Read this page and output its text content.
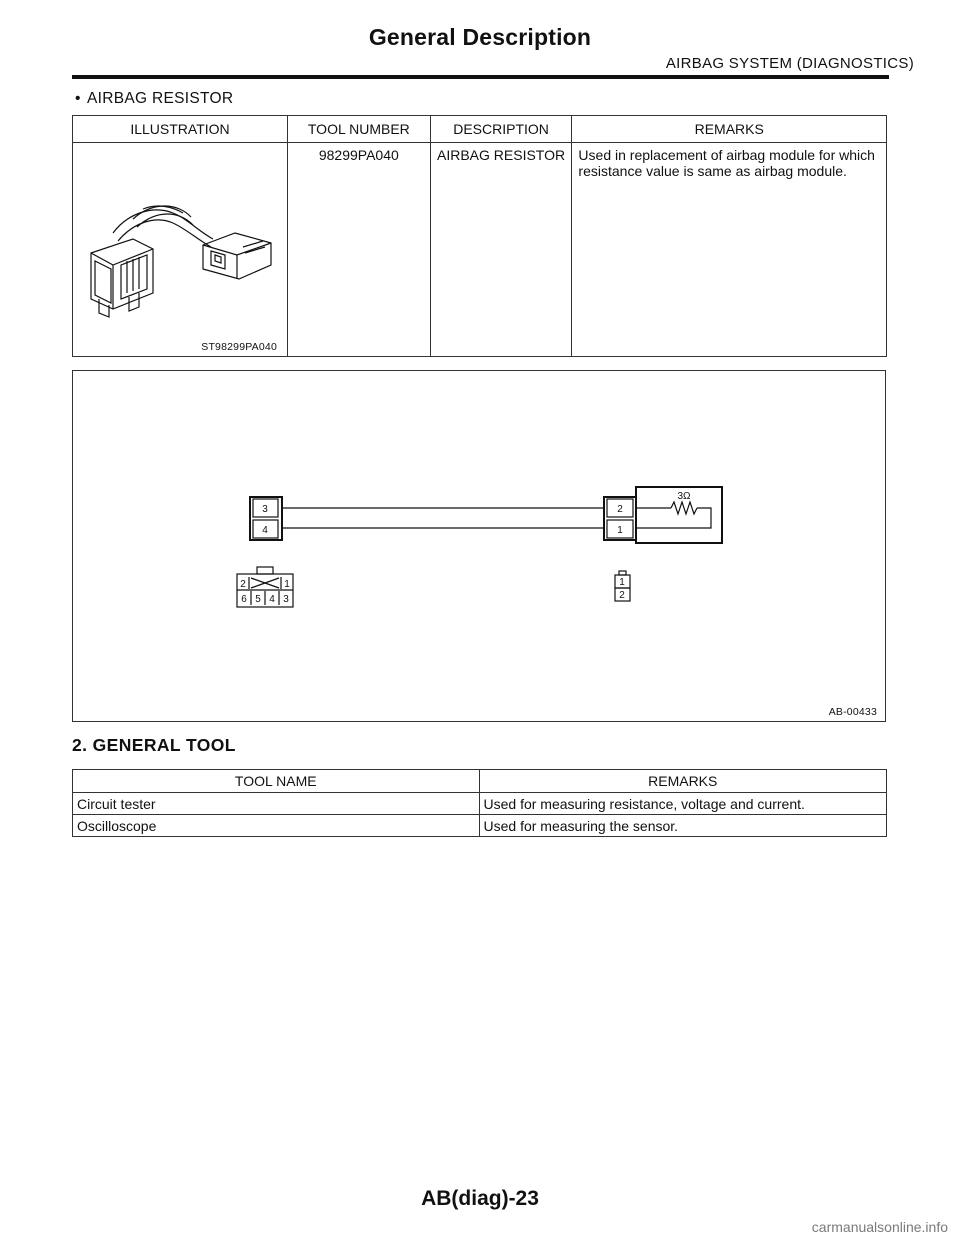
General Description
AIRBAG SYSTEM (DIAGNOSTICS)
• AIRBAG RESISTOR
ILLUSTRATION	TOOL NUMBER	DESCRIPTION	REMARKS

ST98299PA040	98299PA040	AIRBAG RESISTOR	Used in replacement of airbag module for which resistance value is same as airbag module.
3
4
2
1
3Ω
2	1
6 5 4 3
1
2
AB-00433
2. GENERAL TOOL
TOOL NAME	REMARKS
Circuit tester	Used for measuring resistance, voltage and current.
Oscilloscope	Used for measuring the sensor.
AB(diag)-23
carmanualsonline.info
